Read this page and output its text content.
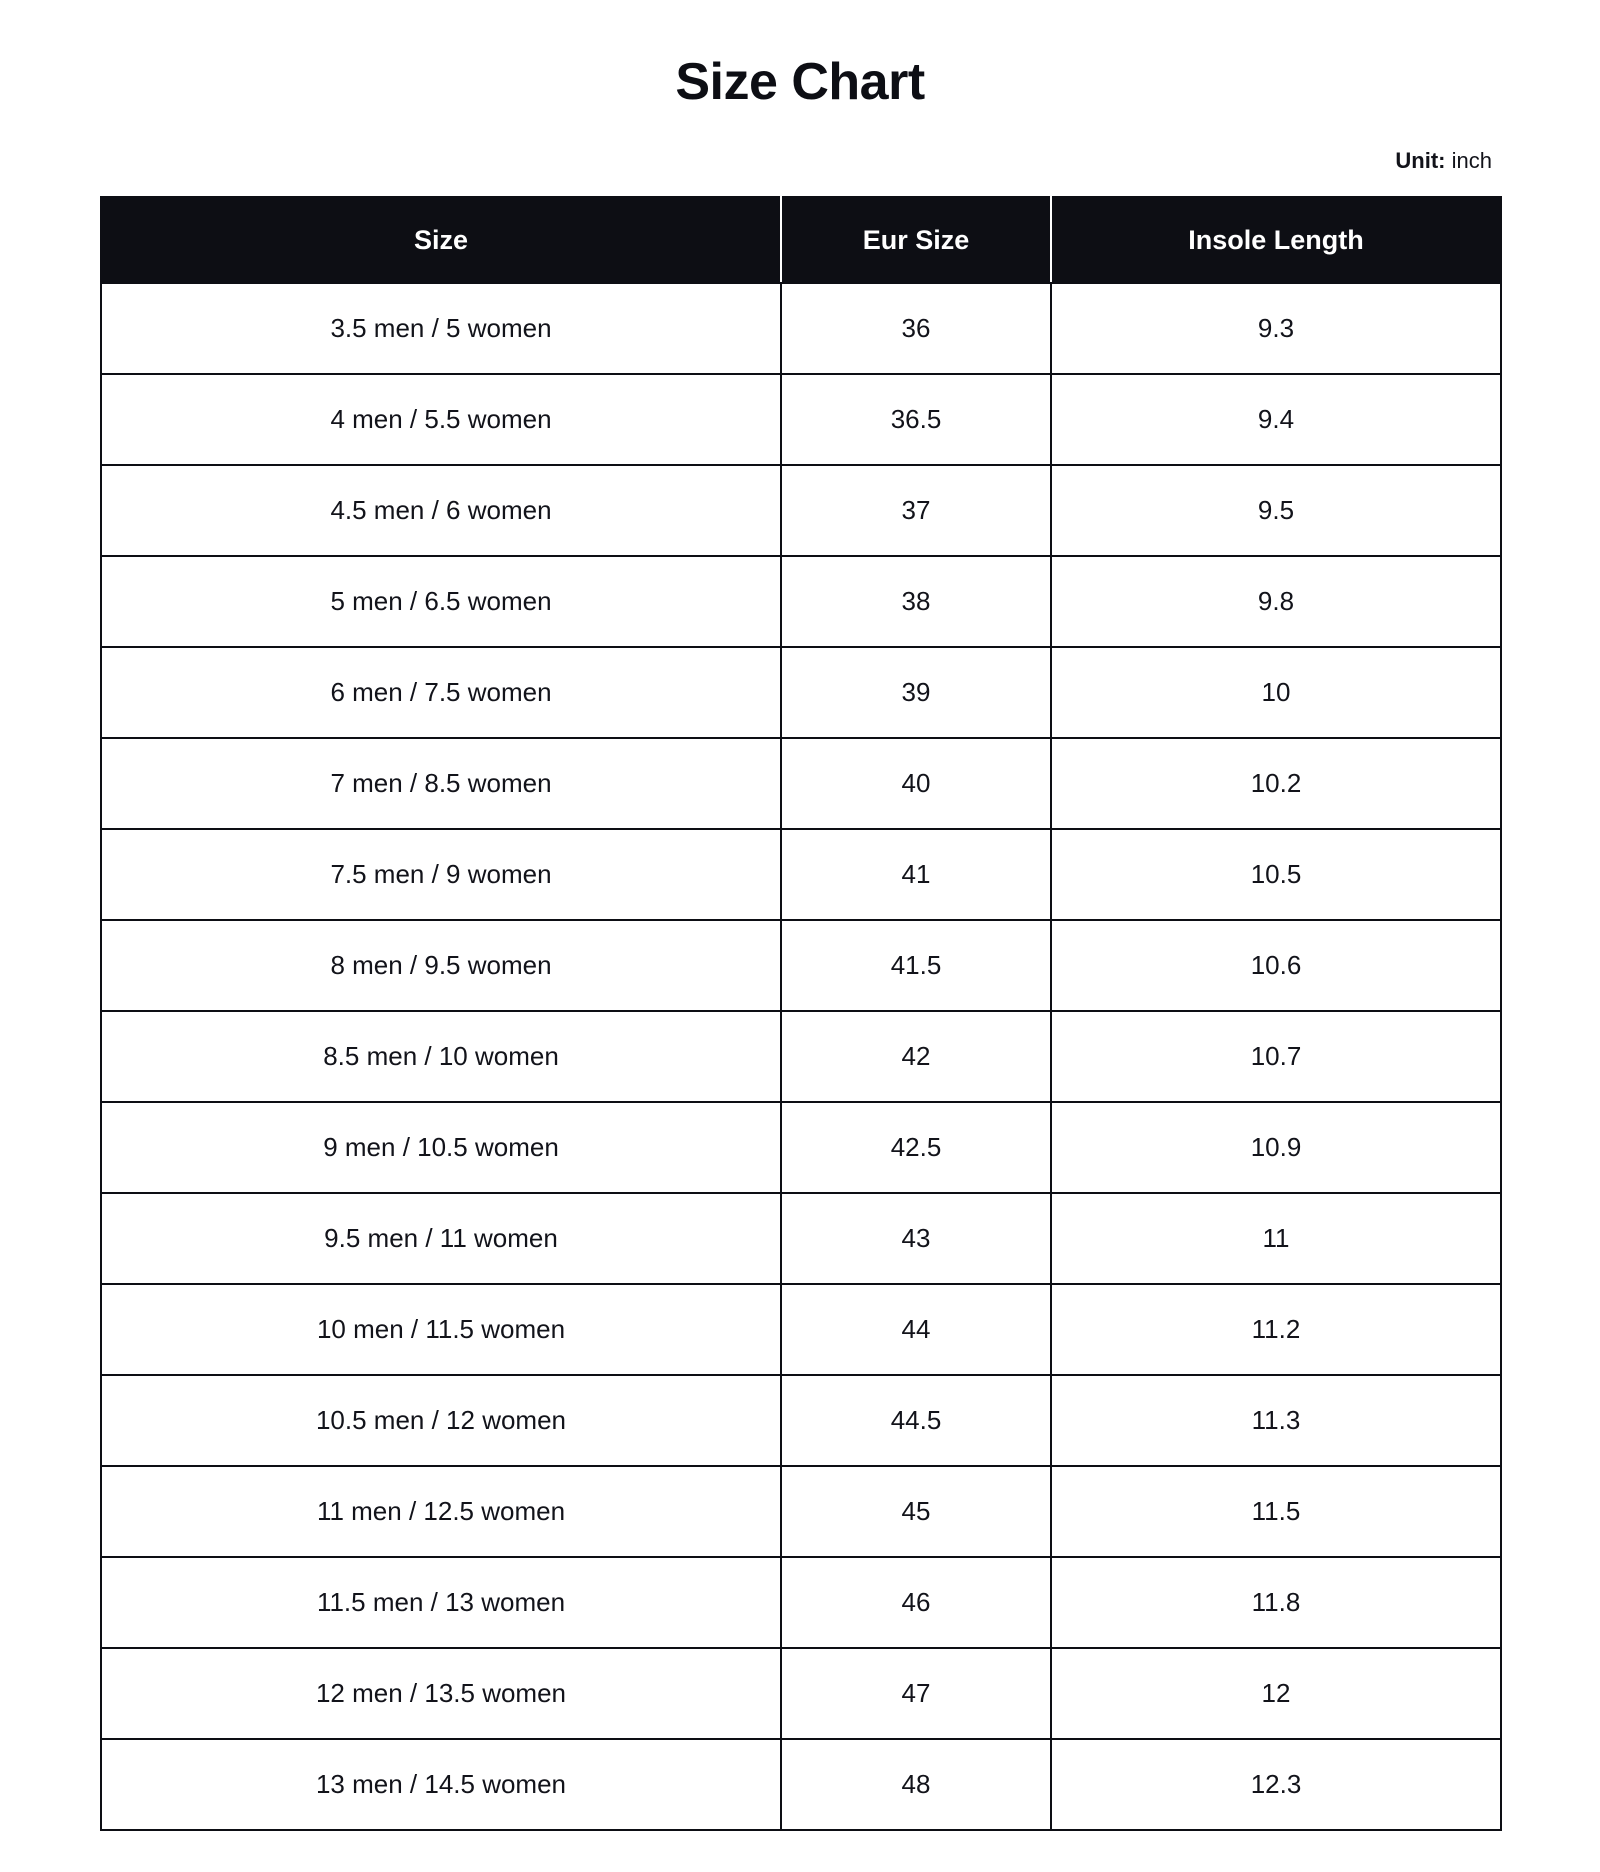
Size Chart
Unit: inch
Size	Eur Size	Insole Length
3.5 men / 5 women	36	9.3
4 men / 5.5 women	36.5	9.4
4.5 men / 6 women	37	9.5
5 men / 6.5 women	38	9.8
6 men / 7.5 women	39	10
7 men / 8.5 women	40	10.2
7.5 men / 9 women	41	10.5
8 men / 9.5 women	41.5	10.6
8.5 men / 10 women	42	10.7
9 men / 10.5 women	42.5	10.9
9.5 men / 11 women	43	11
10 men / 11.5 women	44	11.2
10.5 men / 12 women	44.5	11.3
11 men / 12.5 women	45	11.5
11.5 men / 13 women	46	11.8
12 men / 13.5 women	47	12
13 men / 14.5 women	48	12.3
